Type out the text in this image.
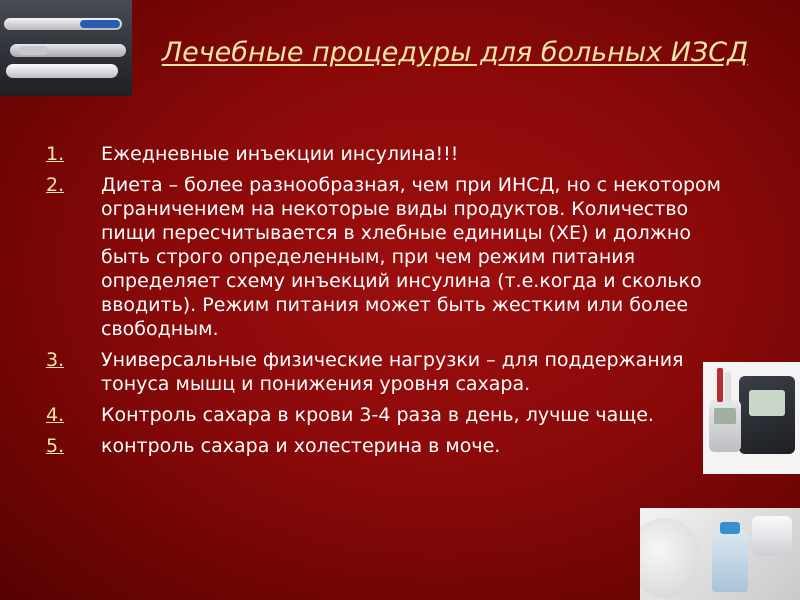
Лечебные процедуры для больных ИЗСД
1. Ежедневные инъекции инсулина!!!
2. Диета – более разнообразная, чем при ИНСД, но с некотором ограничением на некоторые виды продуктов. Количество пищи пересчитывается в хлебные единицы (ХЕ) и должно быть строго определенным, при чем режим питания определяет схему инъекций инсулина (т.е.когда и сколько вводить). Режим питания может быть жестким или более свободным.
3. Универсальные физические нагрузки – для поддержания тонуса мышц и понижения уровня сахара.
4. Контроль сахара в крови 3-4 раза в день, лучше чаще.
5. контроль сахара и холестерина в моче.
